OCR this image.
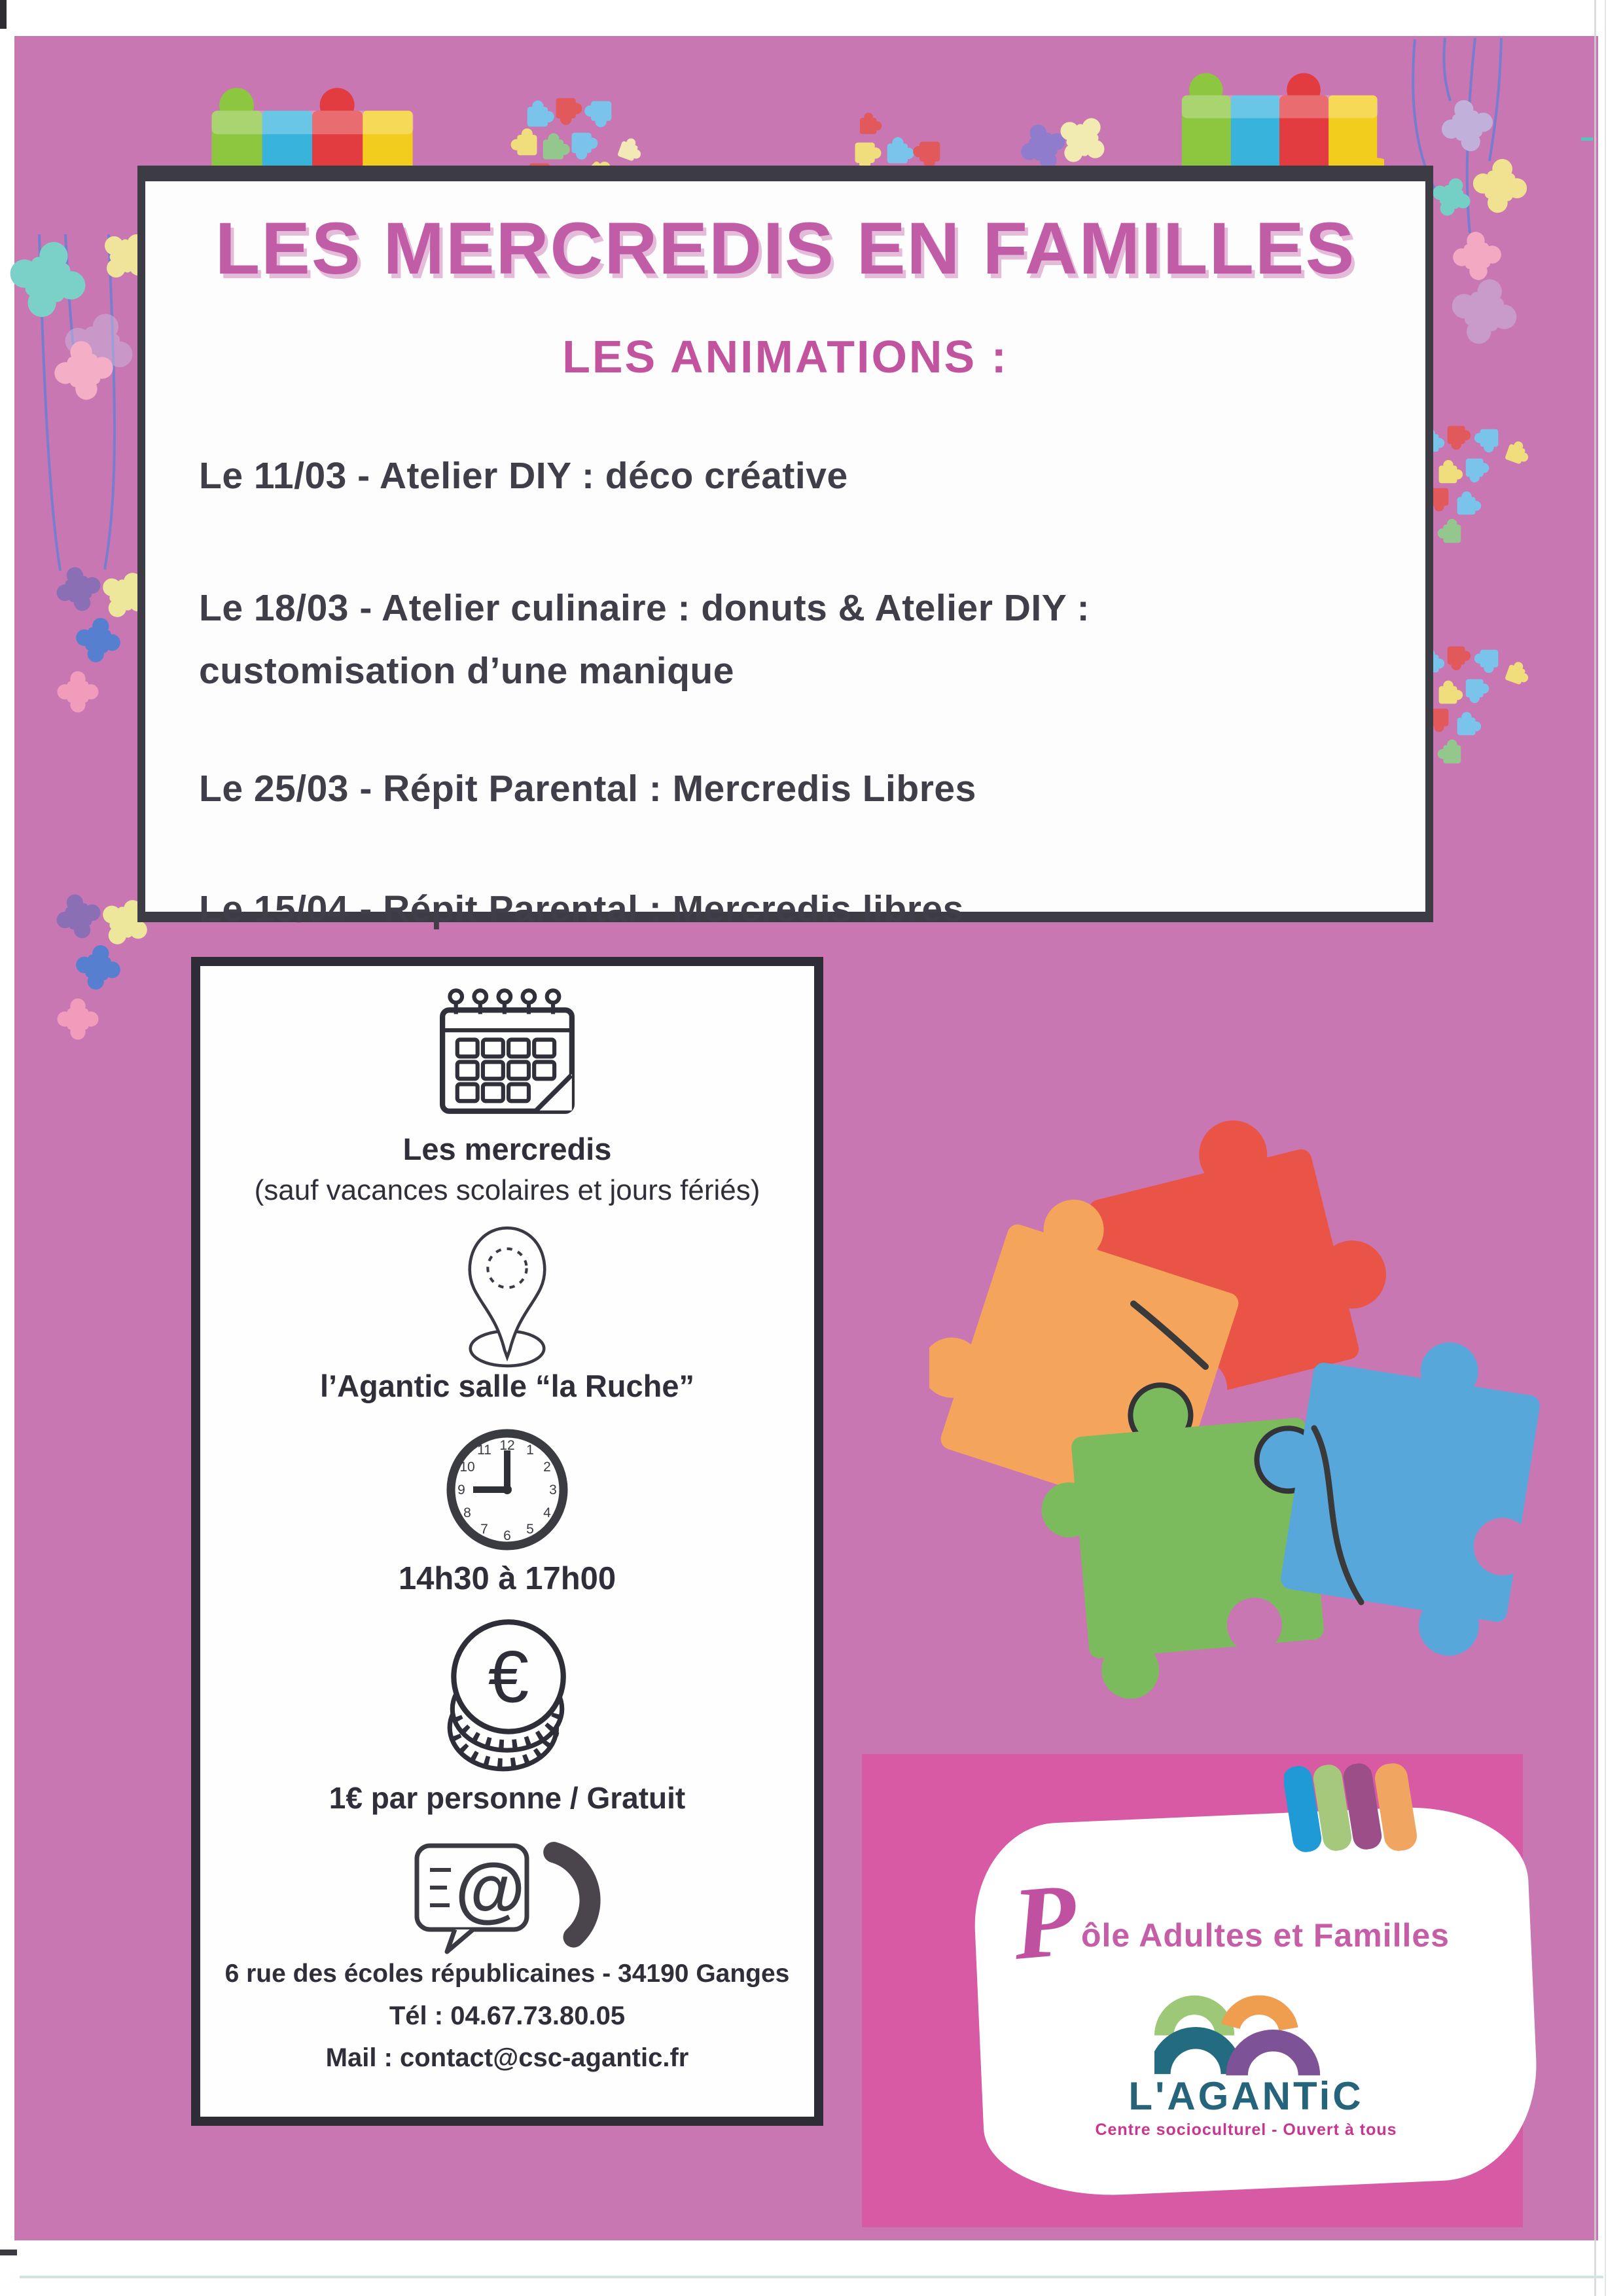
LES MERCREDIS EN FAMILLES
LES ANIMATIONS :

Le 11/03 - Atelier DIY : déco créative

Le 18/03 - Atelier culinaire : donuts & Atelier DIY :
customisation d’une manique

Le 25/03 - Répit Parental : Mercredis Libres

Le 15/04 - Répit Parental : Mercredis libres

Les mercredis
(sauf vacances scolaires et jours fériés)
l’Agantic salle “la Ruche”
12 1
2
3
4
5
6
7
8
9
10
11
14h30 à 17h00
€
1€ par personne / Gratuit
@
6 rue des écoles républicaines - 34190 Ganges
Tél : 04.67.73.80.05
Mail : contact@csc-agantic.fr
P ôle Adultes et Familles
L'AGANTiC
Centre socioculturel - Ouvert à tous
